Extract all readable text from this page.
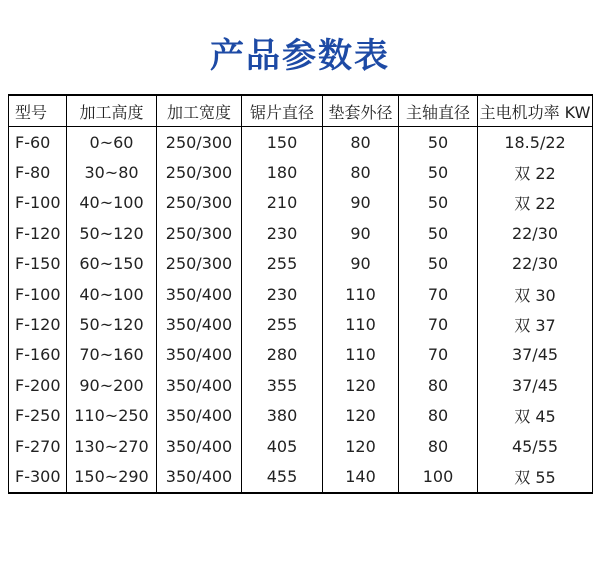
产品参数表
型号	加工高度	加工宽度	锯片直径	垫套外径	主轴直径	主电机功率 KW
F-60	0~60	250/300	150	80	50	18.5/22
F-80	30~80	250/300	180	80	50	双 22
F-100	40~100	250/300	210	90	50	双 22
F-120	50~120	250/300	230	90	50	22/30
F-150	60~150	250/300	255	90	50	22/30
F-100	40~100	350/400	230	110	70	双 30
F-120	50~120	350/400	255	110	70	双 37
F-160	70~160	350/400	280	110	70	37/45
F-200	90~200	350/400	355	120	80	37/45
F-250	110~250	350/400	380	120	80	双 45
F-270	130~270	350/400	405	120	80	45/55
F-300	150~290	350/400	455	140	100	双 55
